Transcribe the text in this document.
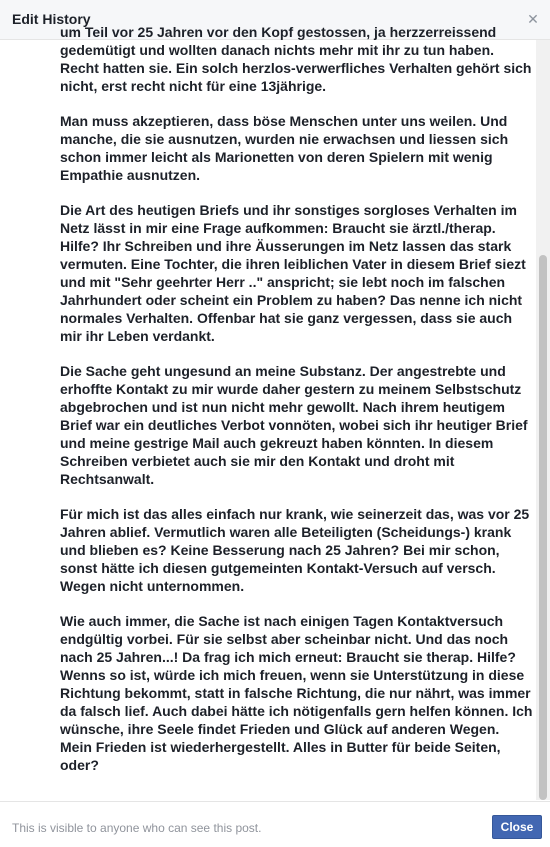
Edit History	✕

um Teil vor 25 Jahren vor den Kopf gestossen, ja herzzerreissend gedemütigt und wollten danach nichts mehr mit ihr zu tun haben. Recht hatten sie. Ein solch herzlos-verwerfliches Verhalten gehört sich nicht, erst recht nicht für eine 13jährige.

Man muss akzeptieren, dass böse Menschen unter uns weilen. Und manche, die sie ausnutzen, wurden nie erwachsen und liessen sich schon immer leicht als Marionetten von deren Spielern mit wenig Empathie ausnutzen.

Die Art des heutigen Briefs und ihr sonstiges sorgloses Verhalten im Netz lässt in mir eine Frage aufkommen: Braucht sie ärztl./therap. Hilfe? Ihr Schreiben und ihre Äusserungen im Netz lassen das stark vermuten. Eine Tochter, die ihren leiblichen Vater in diesem Brief siezt und mit "Sehr geehrter Herr .." anspricht; sie lebt noch im falschen Jahrhundert oder scheint ein Problem zu haben? Das nenne ich nicht normales Verhalten. Offenbar hat sie ganz vergessen, dass sie auch mir ihr Leben verdankt.

Die Sache geht ungesund an meine Substanz. Der angestrebte und erhoffte Kontakt zu mir wurde daher gestern zu meinem Selbstschutz abgebrochen und ist nun nicht mehr gewollt. Nach ihrem heutigem Brief war ein deutliches Verbot vonnöten, wobei sich ihr heutiger Brief und meine gestrige Mail auch gekreuzt haben könnten. In diesem Schreiben verbietet auch sie mir den Kontakt und droht mit Rechtsanwalt.

Für mich ist das alles einfach nur krank, wie seinerzeit das, was vor 25 Jahren ablief. Vermutlich waren alle Beteiligten (Scheidungs-) krank und blieben es? Keine Besserung nach 25 Jahren? Bei mir schon, sonst hätte ich diesen gutgemeinten Kontakt-Versuch auf versch. Wegen nicht unternommen.

Wie auch immer, die Sache ist nach einigen Tagen Kontaktversuch endgültig vorbei. Für sie selbst aber scheinbar nicht. Und das noch nach 25 Jahren...! Da frag ich mich erneut: Braucht sie therap. Hilfe? Wenns so ist, würde ich mich freuen, wenn sie Unterstützung in diese Richtung bekommt, statt in falsche Richtung, die nur nährt, was immer da falsch lief. Auch dabei hätte ich nötigenfalls gern helfen können. Ich wünsche, ihre Seele findet Frieden und Glück auf anderen Wegen. Mein Frieden ist wiederhergestellt. Alles in Butter für beide Seiten, oder?

This is visible to anyone who can see this post.	Close
